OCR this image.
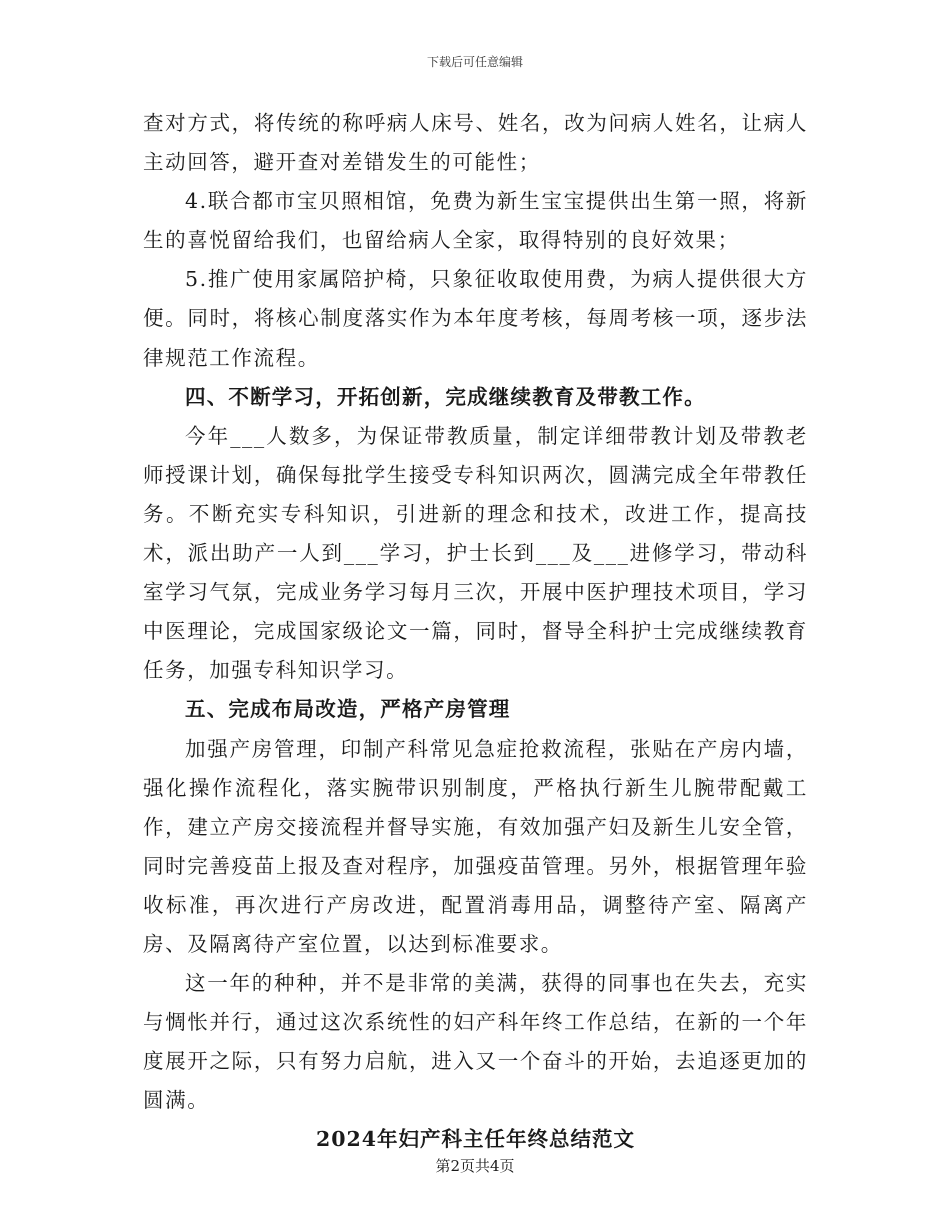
下载后可任意编辑

查对方式，将传统的称呼病人床号、姓名，改为问病人姓名，让病人主动回答，避开查对差错发生的可能性；

4.联合都市宝贝照相馆，免费为新生宝宝提供出生第一照，将新生的喜悦留给我们，也留给病人全家，取得特别的良好效果；

5.推广使用家属陪护椅，只象征收取使用费，为病人提供很大方便。同时，将核心制度落实作为本年度考核，每周考核一项，逐步法律规范工作流程。

四、不断学习，开拓创新，完成继续教育及带教工作。

今年___人数多，为保证带教质量，制定详细带教计划及带教老师授课计划，确保每批学生接受专科知识两次，圆满完成全年带教任务。不断充实专科知识，引进新的理念和技术，改进工作，提高技术，派出助产一人到___学习，护士长到___及___进修学习，带动科室学习气氛，完成业务学习每月三次，开展中医护理技术项目，学习中医理论，完成国家级论文一篇，同时，督导全科护士完成继续教育任务，加强专科知识学习。

五、完成布局改造，严格产房管理

加强产房管理，印制产科常见急症抢救流程，张贴在产房内墙，强化操作流程化，落实腕带识别制度，严格执行新生儿腕带配戴工作，建立产房交接流程并督导实施，有效加强产妇及新生儿安全管，同时完善疫苗上报及查对程序，加强疫苗管理。另外，根据管理年验收标准，再次进行产房改进，配置消毒用品，调整待产室、隔离产房、及隔离待产室位置，以达到标准要求。

这一年的种种，并不是非常的美满，获得的同事也在失去，充实与惆怅并行，通过这次系统性的妇产科年终工作总结，在新的一个年度展开之际，只有努力启航，进入又一个奋斗的开始，去追逐更加的圆满。

2024年妇产科主任年终总结范文

第2页共4页
